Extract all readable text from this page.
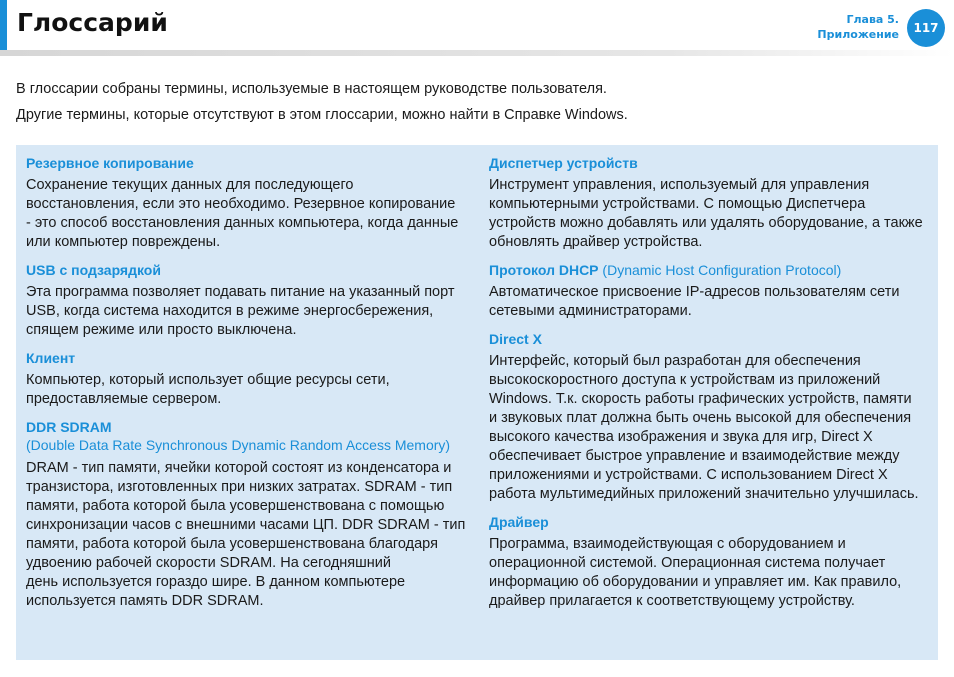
Глоссарий	Глава 5.
Приложение	117

В глоссарии собраны термины, используемые в настоящем руководстве пользователя.

Другие термины, которые отсутствуют в этом глоссарии, можно найти в Справке Windows.

Резервное копирование
Сохранение текущих данных для последующего
восстановления, если это необходимо. Резервное копирование
- это способ восстановления данных компьютера, когда данные
или компьютер повреждены.
USB с подзарядкой
Эта программа позволяет подавать питание на указанный порт
USB, когда система находится в режиме энергосбережения,
спящем режиме или просто выключена.
Клиент
Компьютер, который использует общие ресурсы сети,
предоставляемые сервером.
DDR SDRAM
(Double Data Rate Synchronous Dynamic Random Access Memory)
DRAM - тип памяти, ячейки которой состоят из конденсатора и
транзистора, изготовленных при низких затратах. SDRAM - тип
памяти, работа которой была усовершенствована с помощью
синхронизации часов с внешними часами ЦП. DDR SDRAM - тип
памяти, работа которой была усовершенствована благодаря
удвоению рабочей скорости SDRAM. На сегодняшний
день используется гораздо шире. В данном компьютере
используется память DDR SDRAM.
Диспетчер устройств
Инструмент управления, используемый для управления
компьютерными устройствами. С помощью Диспетчера
устройств можно добавлять или удалять оборудование, а также
обновлять драйвер устройства.
Протокол DHCP (Dynamic Host Configuration Protocol)
Автоматическое присвоение IP-адресов пользователям сети
сетевыми администраторами.
Direct X
Интерфейс, который был разработан для обеспечения
высокоскоростного доступа к устройствам из приложений
Windows. Т.к. скорость работы графических устройств, памяти
и звуковых плат должна быть очень высокой для обеспечения
высокого качества изображения и звука для игр, Direct X
обеспечивает быстрое управление и взаимодействие между
приложениями и устройствами. С использованием Direct X
работа мультимедийных приложений значительно улучшилась.
Драйвер
Программа, взаимодействующая с оборудованием и
операционной системой. Операционная система получает
информацию об оборудовании и управляет им. Как правило,
драйвер прилагается к соответствующему устройству.
